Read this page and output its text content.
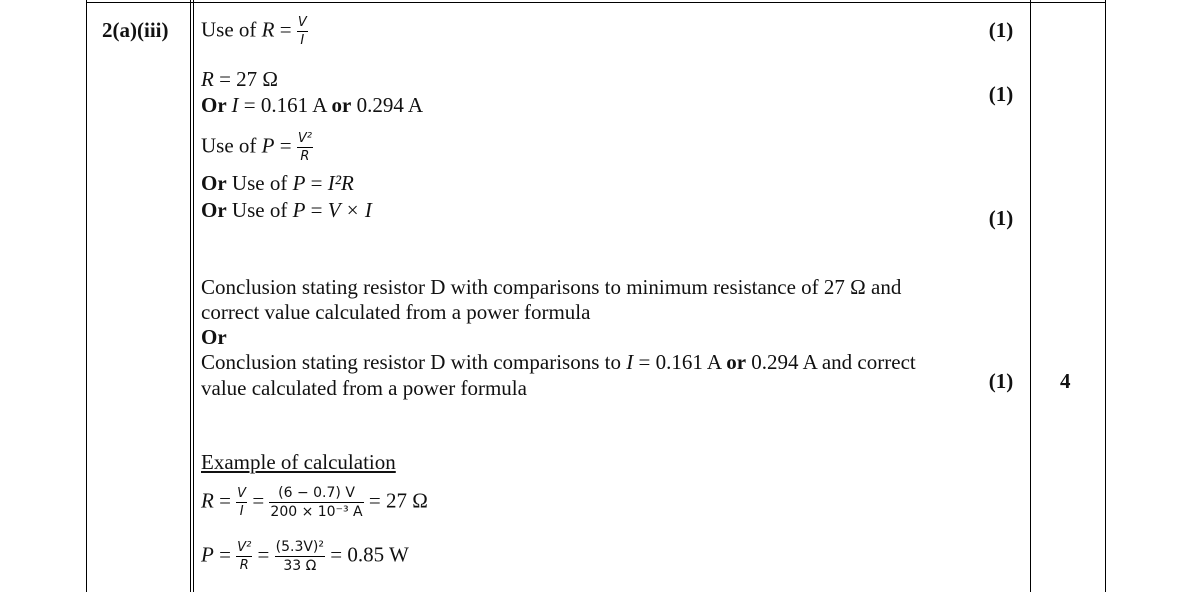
2(a)(iii) Use of $R = \frac{V}{I}$
R = 27 Ω
Or I = 0.161 A or 0.294 A
Use of $P = \frac{\text{V²}}{R}$
Or Use of P = I²R
Or Use of P = V × I
Conclusion stating resistor D with comparisons to minimum resistance of 27 Ω and
correct value calculated from a power formula
Or
Conclusion stating resistor D with comparisons to I = 0.161 A or 0.294 A and correct
value calculated from a power formula
Example of calculation
$R = \frac{V}{I} = \frac{(6 - 0.7) V}{\text{200 × 10⁻³ A}} = 27$ Ω
$P = \frac{\text{V²}}{R} = \frac{\text{(5.3V)²}}{33 \Omega} = 0.85$ W
(1)
(1)
(1)
(1) 4
